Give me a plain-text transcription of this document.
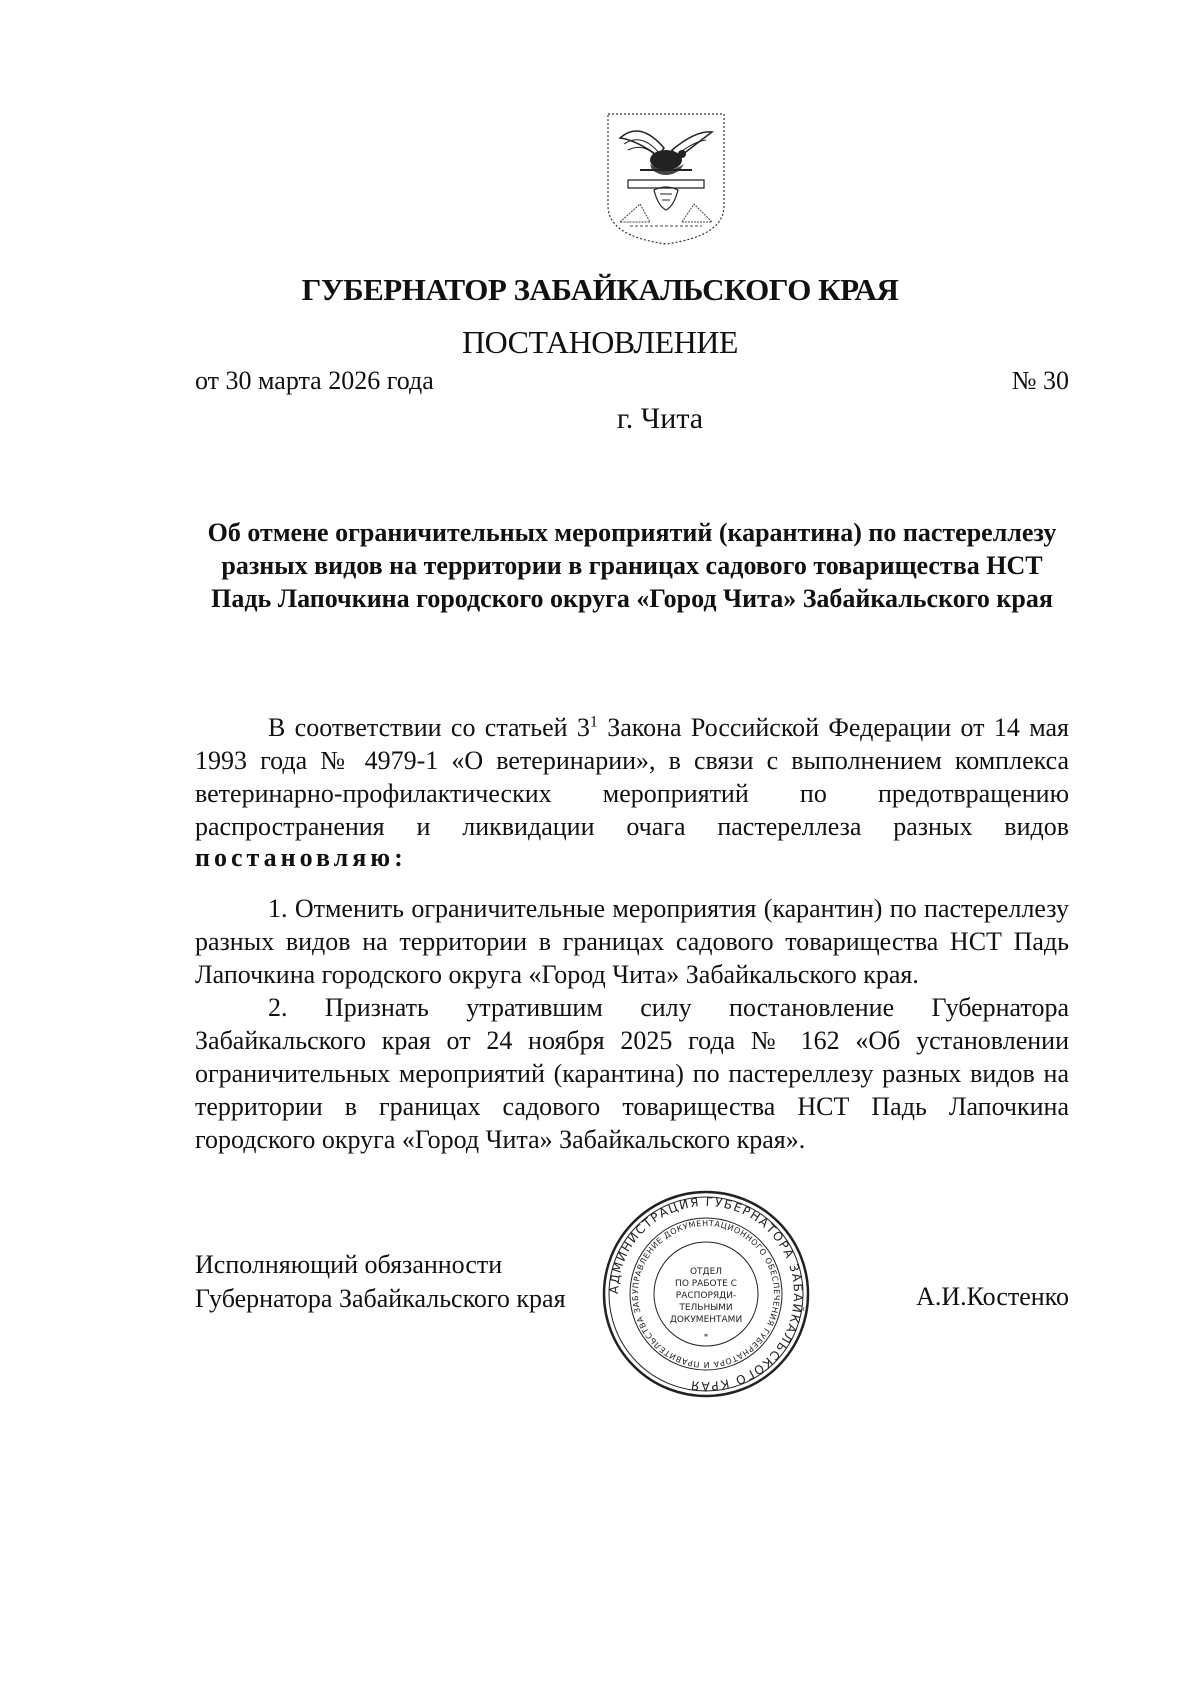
ГУБЕРНАТОР ЗАБАЙКАЛЬСКОГО КРАЯ
ПОСТАНОВЛЕНИЕ
от 30 марта 2026 года	№ 30
г. Чита
Об отмене ограничительных мероприятий (карантина) по пастереллезу разных видов на территории в границах садового товарищества НСТ Падь Лапочкина городского округа «Город Чита» Забайкальского края
В соответствии со статьей $3^1$ Закона Российской Федерации от 14 мая 1993 года № 4979-1 «О ветеринарии», в связи с выполнением комплекса ветеринарно-профилактических мероприятий по предотвращению распространения и ликвидации очага пастереллеза разных видов
постановляю:
1. Отменить ограничительные мероприятия (карантин) по пастереллезу разных видов на территории в границах садового товарищества НСТ Падь Лапочкина городского округа «Город Чита» Забайкальского края.
2. Признать утратившим силу постановление Губернатора Забайкальского края от 24 ноября 2025 года № 162 «Об установлении ограничительных мероприятий (карантина) по пастереллезу разных видов на территории в границах садового товарищества НСТ Падь Лапочкина городского округа «Город Чита» Забайкальского края».
Исполняющий обязанности
Губернатора Забайкальского края	А.И.Костенко
АДМИНИСТРАЦИЯ ГУБЕРНАТОРА ЗАБАЙКАЛЬСКОГО КРАЯ
УПРАВЛЕНИЕ ДОКУМЕНТАЦИОННОГО ОБЕСПЕЧЕНИЯ ГУБЕРНАТОРА И ПРАВИТЕЛЬСТВА ЗАБ
ОТДЕЛ
ПО РАБОТЕ С
РАСПОРЯДИ-
ТЕЛЬНЫМИ
ДОКУМЕНТАМИ
*
